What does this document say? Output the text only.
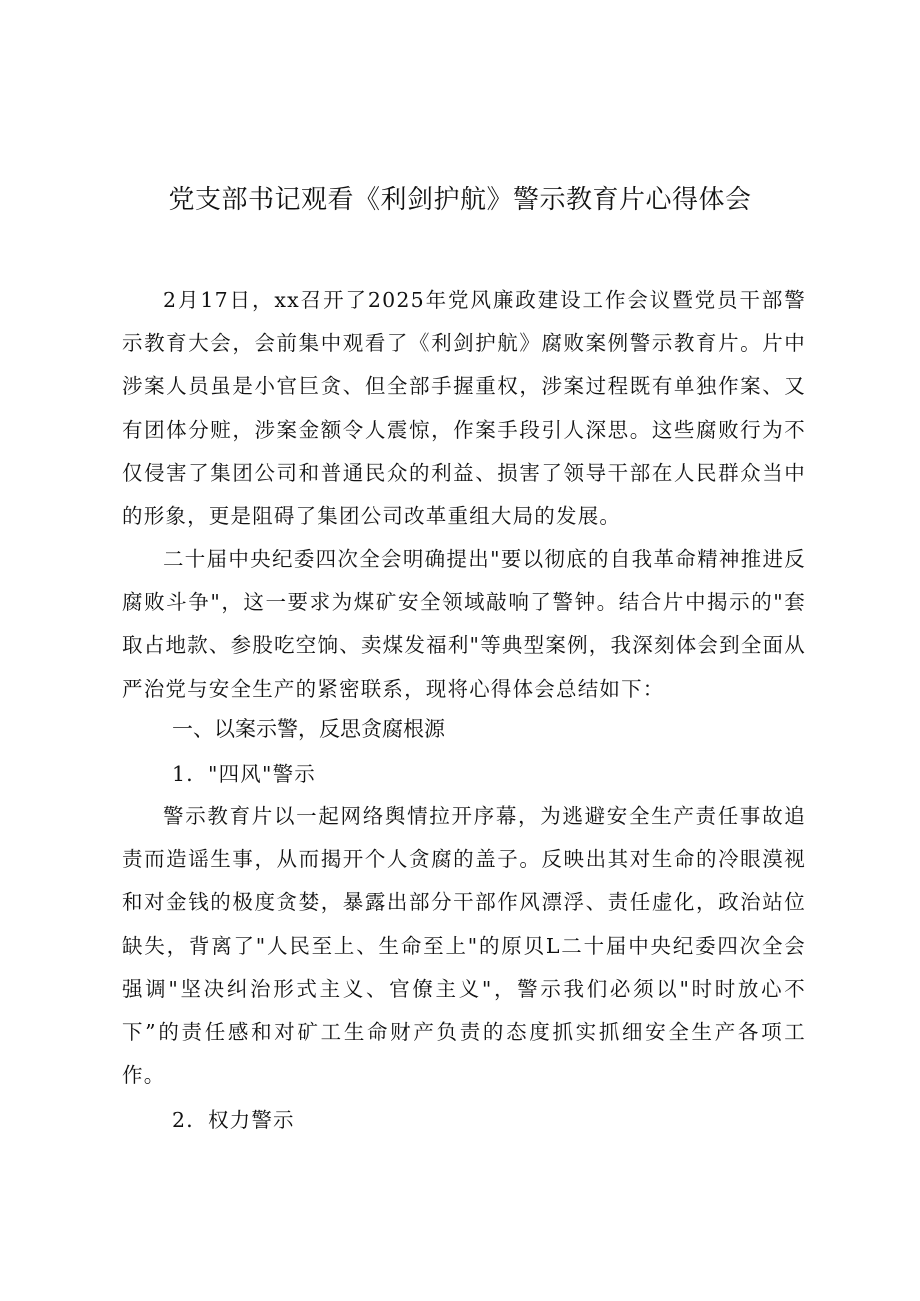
党支部书记观看《利剑护航》警示教育片心得体会

2月17日，xx召开了2025年党风廉政建设工作会议暨党员干部警示教育大会，会前集中观看了《利剑护航》腐败案例警示教育片。片中涉案人员虽是小官巨贪、但全部手握重权，涉案过程既有单独作案、又有团体分赃，涉案金额令人震惊，作案手段引人深思。这些腐败行为不仅侵害了集团公司和普通民众的利益、损害了领导干部在人民群众当中的形象，更是阻碍了集团公司改革重组大局的发展。

二十届中央纪委四次全会明确提出"要以彻底的自我革命精神推进反腐败斗争"，这一要求为煤矿安全领域敲响了警钟。结合片中揭示的"套取占地款、参股吃空饷、卖煤发福利"等典型案例，我深刻体会到全面从严治党与安全生产的紧密联系，现将心得体会总结如下：

一、以案示警，反思贪腐根源

1．"四风"警示

警示教育片以一起网络舆情拉开序幕，为逃避安全生产责任事故追责而造谣生事，从而揭开个人贪腐的盖子。反映出其对生命的冷眼漠视和对金钱的极度贪婪，暴露出部分干部作风漂浮、责任虚化，政治站位缺失，背离了"人民至上、生命至上"的原贝L二十届中央纪委四次全会强调"坚决纠治形式主义、官僚主义"，警示我们必须以"时时放心不下”的责任感和对矿工生命财产负责的态度抓实抓细安全生产各项工作。

2．权力警示
